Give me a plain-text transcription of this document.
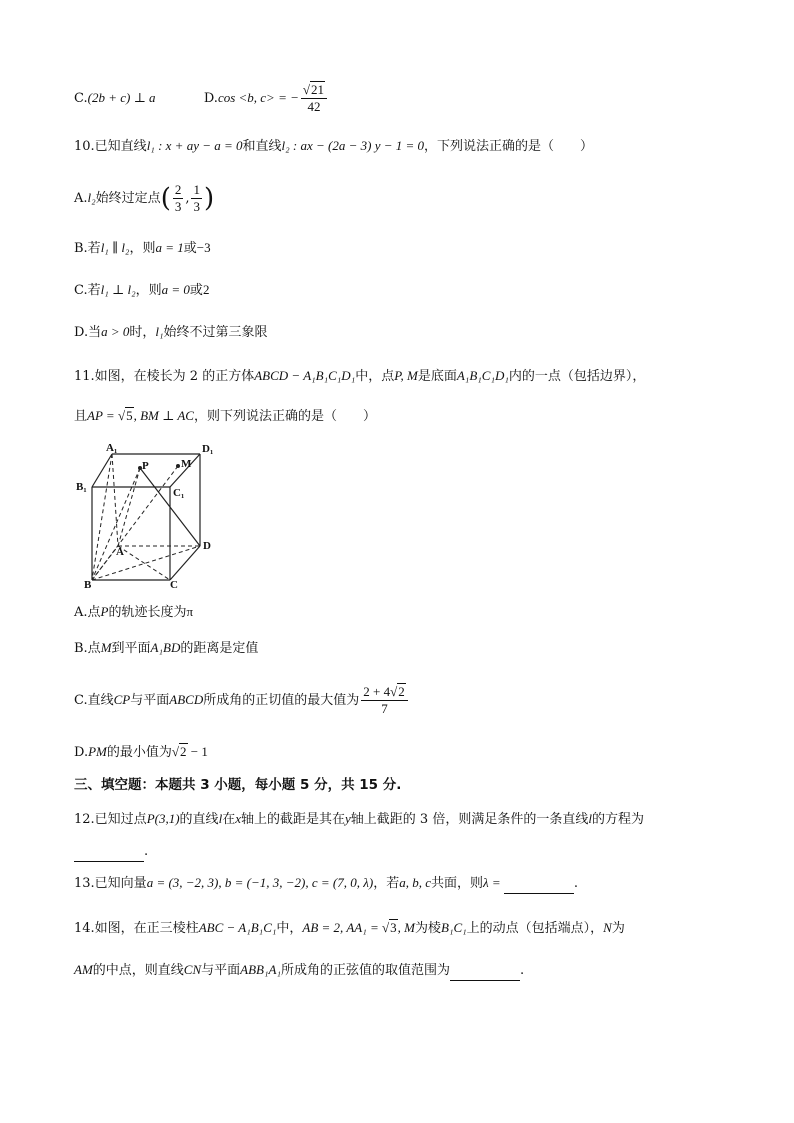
C.(2b + c) ⊥ a	D.cos <b, c> = − $\frac{√21}{42}$
10.已知直线l₁ : x + ay − a = 0和直线l₂ : ax − (2a − 3) y − 1 = 0，下列说法正确的是（　　）
A.l₂始终过定点( $\frac{2}{3}$ , $\frac{1}{3}$ )
B.若l₁ ∥ l₂，则a = 1或−3
C.若l₁ ⊥ l₂，则a = 0或2
D.当a > 0时，l₁始终不过第三象限
11.如图，在棱长为 2 的正方体ABCD − A₁B₁C₁D₁中，点P, M是底面A₁B₁C₁D₁内的一点（包括边界），
且AP = √5, BM ⊥ AC，则下列说法正确的是（　　）
A₁	D₁
B₁	C₁
P	M
A	D
B	C
A.点P的轨迹长度为π
B.点M到平面A₁BD的距离是定值
C.直线CP与平面ABCD所成角的正切值的最大值为 $\frac{2 + 4√2}{7}$
D.PM的最小值为√2 − 1
三、填空题：本题共 3 小题，每小题 5 分，共 15 分.
12.已知过点P(3,1)的直线l在x轴上的截距是其在y轴上截距的 3 倍，则满足条件的一条直线l的方程为
.
13.已知向量a = (3, −2, 3), b = (−1, 3, −2), c = (7, 0, λ)，若a, b, c共面，则λ =	.
14.如图，在正三棱柱ABC − A₁B₁C₁中，AB = 2, AA₁ = √3, M为棱B₁C₁上的动点（包括端点），N为
AM的中点，则直线CN与平面ABB₁A₁所成角的正弦值的取值范围为	.
